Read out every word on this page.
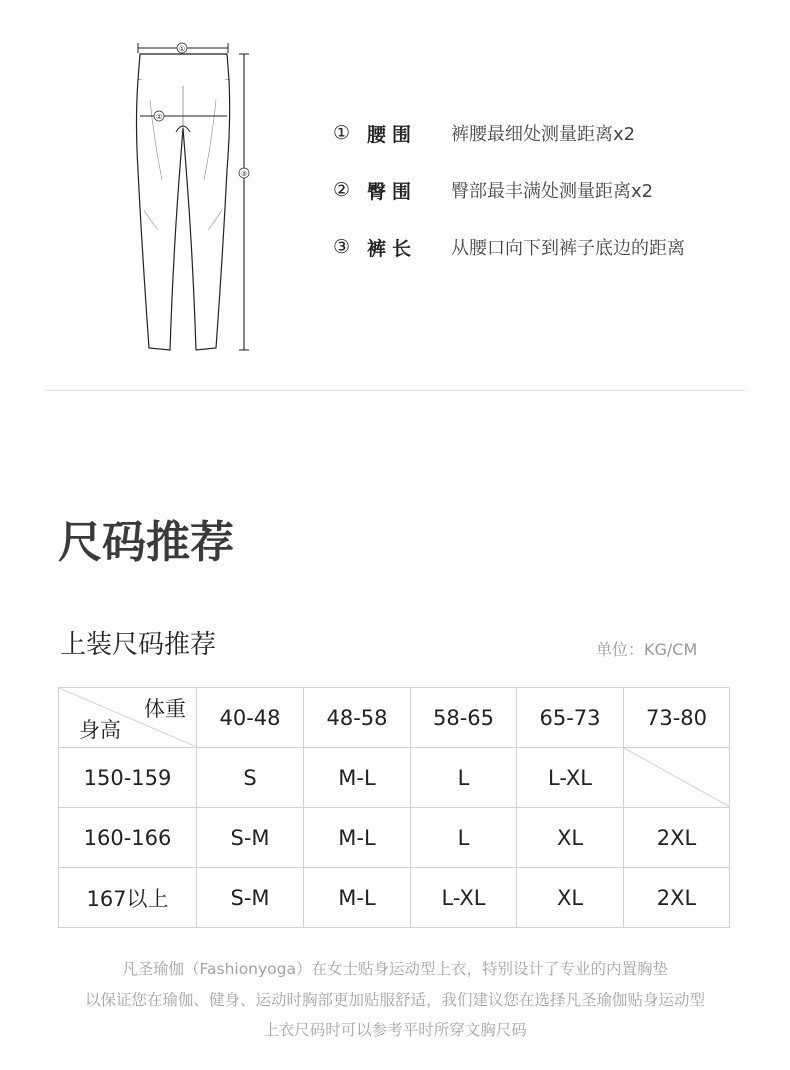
①
②
③
① 腰围	裤腰最细处测量距离x2
② 臀围	臀部最丰满处测量距离x2
③ 裤长	从腰口向下到裤子底边的距离
尺码推荐
上装尺码推荐	单位：KG/CM
体重
身高	40-48	48-58	58-65	65-73	73-80
150-159	S	M-L	L	L-XL	

160-166	S-M	M-L	L	XL	2XL
167以上	S-M	M-L	L-XL	XL	2XL
凡圣瑜伽（Fashionyoga）在女士贴身运动型上衣，特别设计了专业的内置胸垫
以保证您在瑜伽、健身、运动时胸部更加贴服舒适，我们建议您在选择凡圣瑜伽贴身运动型
上衣尺码时可以参考平时所穿文胸尺码
